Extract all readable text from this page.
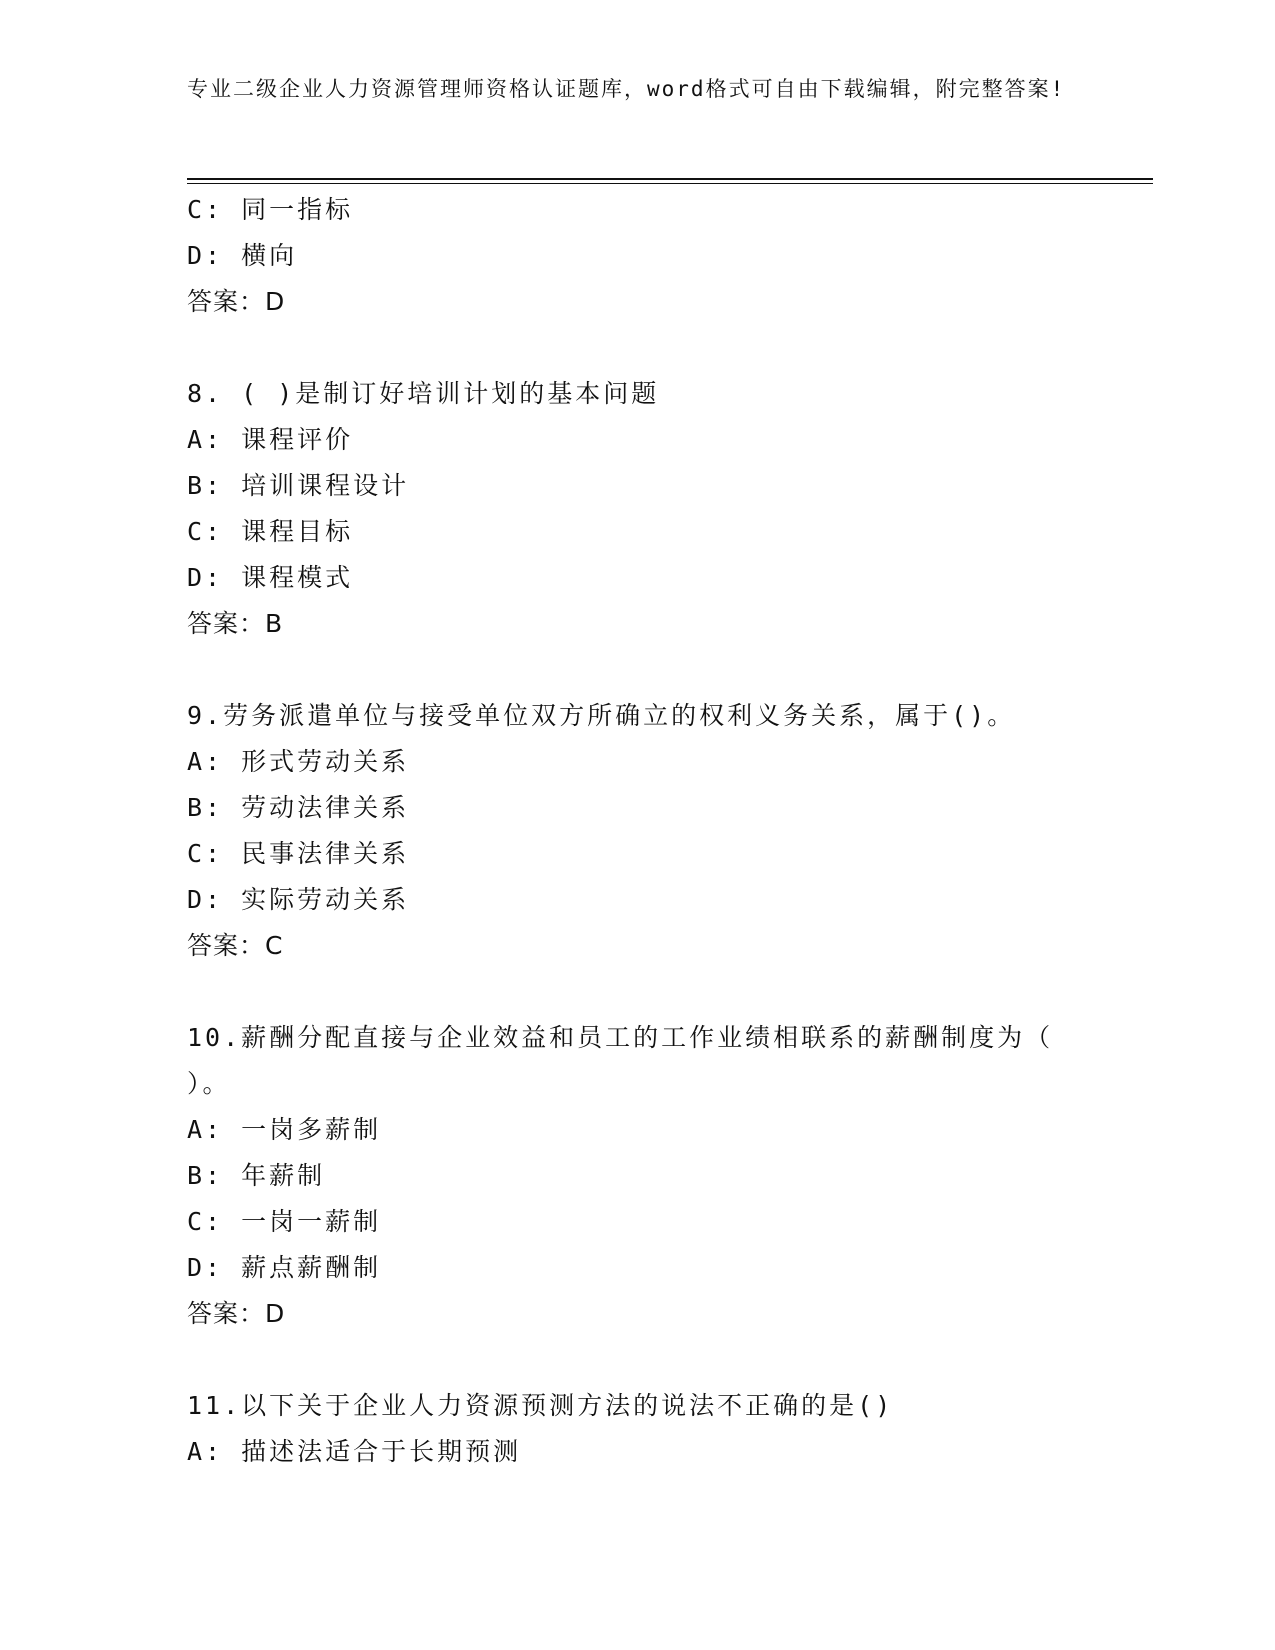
专业二级企业人力资源管理师资格认证题库，word格式可自由下载编辑，附完整答案!
C: 同一指标
D: 横向
答案：D
8. ( )是制订好培训计划的基本问题
A: 课程评价
B: 培训课程设计
C: 课程目标
D: 课程模式
答案：B
9.劳务派遣单位与接受单位双方所确立的权利义务关系，属于()。
A: 形式劳动关系
B: 劳动法律关系
C: 民事法律关系
D: 实际劳动关系
答案：C
10.薪酬分配直接与企业效益和员工的工作业绩相联系的薪酬制度为（
）。
A: 一岗多薪制
B: 年薪制
C: 一岗一薪制
D: 薪点薪酬制
答案：D
11.以下关于企业人力资源预测方法的说法不正确的是()
A: 描述法适合于长期预测
